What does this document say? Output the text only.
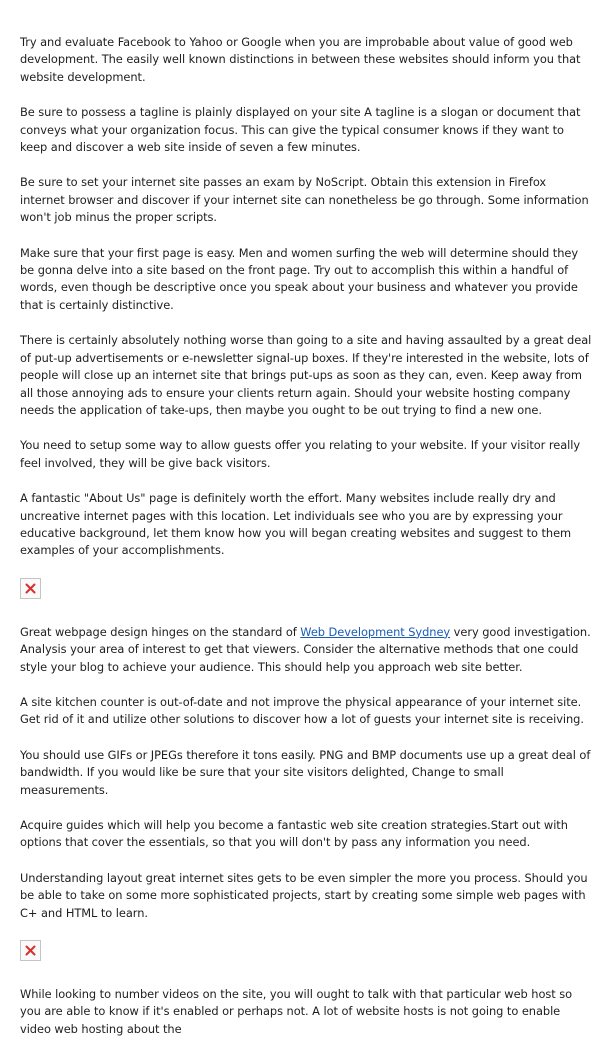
Try and evaluate Facebook to Yahoo or Google when you are improbable about value of good web development. The easily well known distinctions in between these websites should inform you that website development.

Be sure to possess a tagline is plainly displayed on your site A tagline is a slogan or document that conveys what your organization focus. This can give the typical consumer knows if they want to keep and discover a web site inside of seven a few minutes.

Be sure to set your internet site passes an exam by NoScript. Obtain this extension in Firefox internet browser and discover if your internet site can nonetheless be go through. Some information won't job minus the proper scripts.

Make sure that your first page is easy. Men and women surfing the web will determine should they be gonna delve into a site based on the front page. Try out to accomplish this within a handful of words, even though be descriptive once you speak about your business and whatever you provide that is certainly distinctive.

There is certainly absolutely nothing worse than going to a site and having assaulted by a great deal of put-up advertisements or e-newsletter signal-up boxes. If they're interested in the website, lots of people will close up an internet site that brings put-ups as soon as they can, even. Keep away from all those annoying ads to ensure your clients return again. Should your website hosting company needs the application of take-ups, then maybe you ought to be out trying to find a new one.

You need to setup some way to allow guests offer you relating to your website. If your visitor really feel involved, they will be give back visitors.

A fantastic "About Us" page is definitely worth the effort. Many websites include really dry and uncreative internet pages with this location. Let individuals see who you are by expressing your educative background, let them know how you will began creating websites and suggest to them examples of your accomplishments.

Great webpage design hinges on the standard of Web Development Sydney very good investigation. Analysis your area of interest to get that viewers. Consider the alternative methods that one could style your blog to achieve your audience. This should help you approach web site better.

A site kitchen counter is out-of-date and not improve the physical appearance of your internet site. Get rid of it and utilize other solutions to discover how a lot of guests your internet site is receiving.

You should use GIFs or JPEGs therefore it tons easily. PNG and BMP documents use up a great deal of bandwidth. If you would like be sure that your site visitors delighted, Change to small measurements.

Acquire guides which will help you become a fantastic web site creation strategies.Start out with options that cover the essentials, so that you will don't by pass any information you need.

Understanding layout great internet sites gets to be even simpler the more you process. Should you be able to take on some more sophisticated projects, start by creating some simple web pages with C+ and HTML to learn.

While looking to number videos on the site, you will ought to talk with that particular web host so you are able to know if it's enabled or perhaps not. A lot of website hosts is not going to enable video web hosting about the
